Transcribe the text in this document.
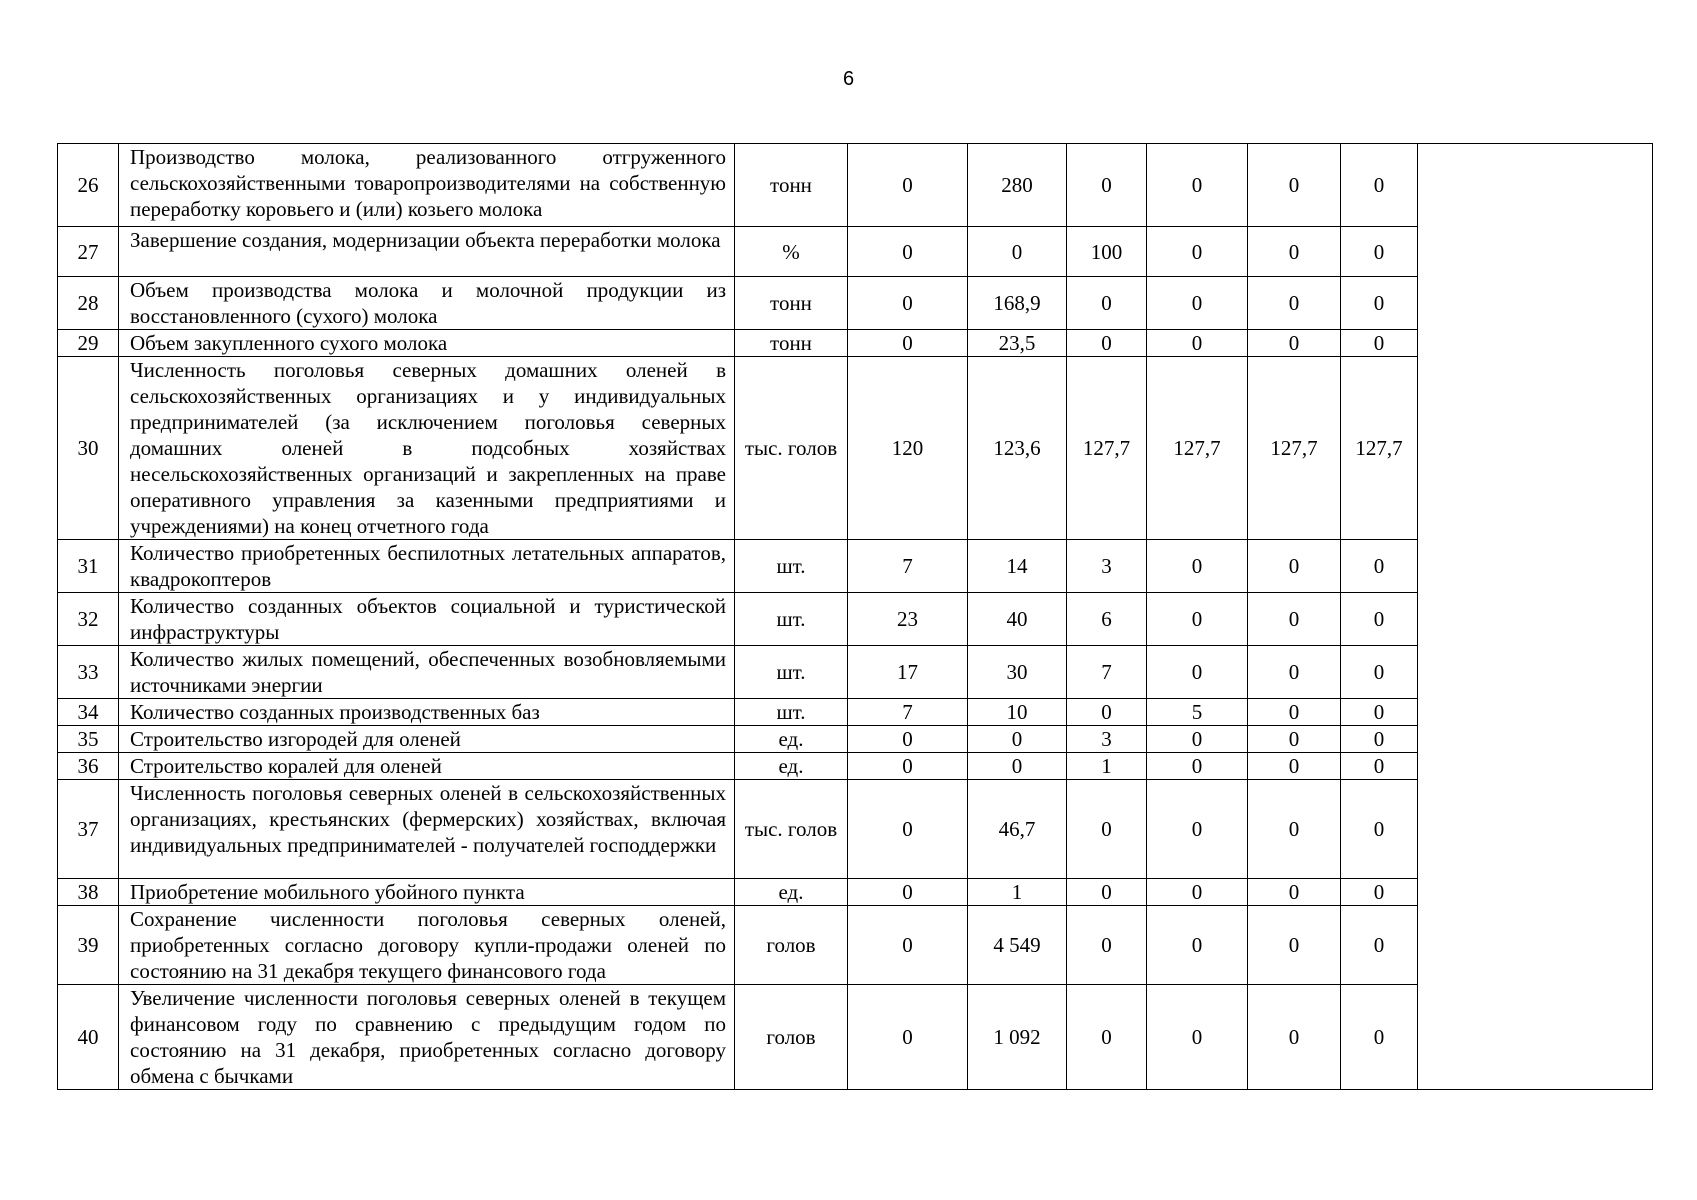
6
26	Производство молока, реализованного отгруженного сельскохозяйственными товаропроизводителями на собственную переработку коровьего и (или) козьего молока	тонн	0	280	0	0	0	0	
27	Завершение создания, модернизации объекта переработки молока	%	0	0	100	0	0	0	
28	Объем производства молока и молочной продукции из восстановленного (сухого) молока	тонн	0	168,9	0	0	0	0	
29	Объем закупленного сухого молока	тонн	0	23,5	0	0	0	0	
30	Численность поголовья северных домашних оленей в сельскохозяйственных организациях и у индивидуальных предпринимателей (за исключением поголовья северных домашних оленей в подсобных хозяйствах несельскохозяйственных организаций и закрепленных на праве оперативного управления за казенными предприятиями и учреждениями) на конец отчетного года	тыс. голов	120	123,6	127,7	127,7	127,7	127,7	
31	Количество приобретенных беспилотных летательных аппаратов, квадрокоптеров	шт.	7	14	3	0	0	0	
32	Количество созданных объектов социальной и туристической инфраструктуры	шт.	23	40	6	0	0	0	
33	Количество жилых помещений, обеспеченных возобновляемыми источниками энергии	шт.	17	30	7	0	0	0	
34	Количество созданных производственных баз	шт.	7	10	0	5	0	0	
35	Строительство изгородей для оленей	ед.	0	0	3	0	0	0	
36	Строительство коралей для оленей	ед.	0	0	1	0	0	0	
37	Численность поголовья северных оленей в сельскохозяйственных организациях, крестьянских (фермерских) хозяйствах, включая индивидуальных предпринимателей - получателей господдержки	тыс. голов	0	46,7	0	0	0	0	
38	Приобретение мобильного убойного пункта	ед.	0	1	0	0	0	0	
39	Сохранение численности поголовья северных оленей, приобретенных согласно договору купли-продажи оленей по состоянию на 31 декабря текущего финансового года	голов	0	4 549	0	0	0	0	
40	Увеличение численности поголовья северных оленей в текущем финансовом году по сравнению с предыдущим годом по состоянию на 31 декабря, приобретенных согласно договору обмена с бычками	голов	0	1 092	0	0	0	0	
